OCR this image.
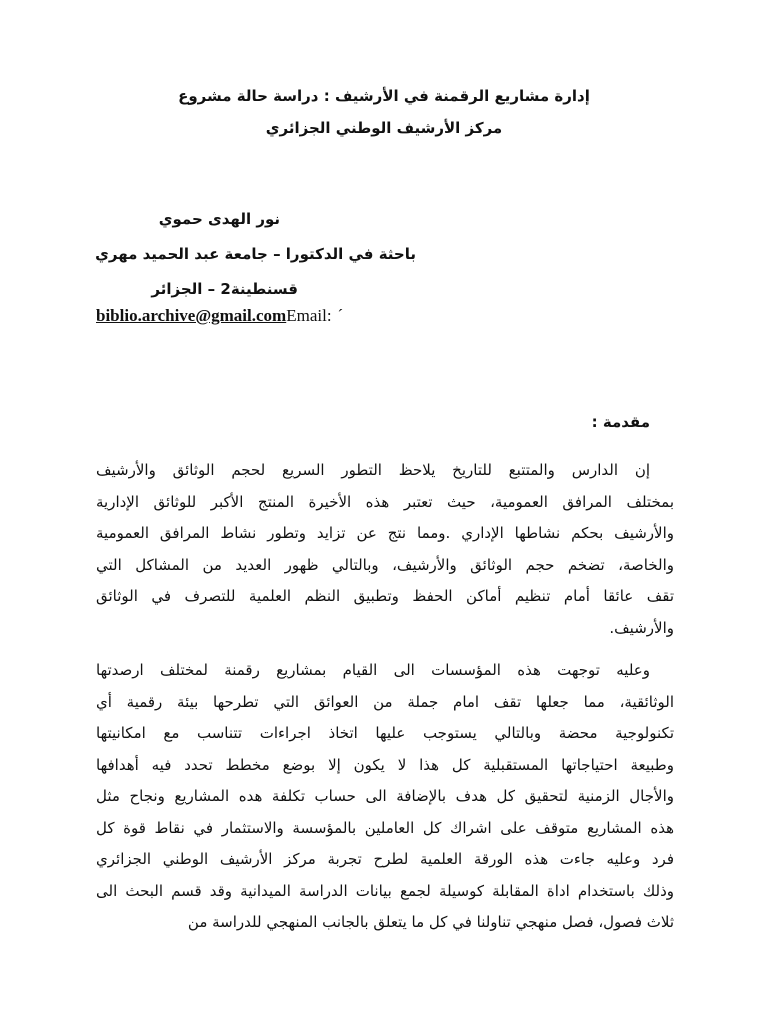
إدارة مشاريع الرقمنة في الأرشيف : دراسة حالة مشروع
مركز الأرشيف الوطني الجزائري
نور الهدى حموي
باحثة في الدكتورا – جامعة عبد الحميد مهري
قسنطينة2 – الجزائر
biblio.archive@gmail.comEmail: ˊ
مقدمة :
إن الدارس والمتتبع للتاريخ يلاحظ التطور السريع لحجم الوثائق والأرشيف
بمختلف المرافق العمومية، حيث تعتبر هذه الأخيرة المنتج الأكبر للوثائق الإدارية
والأرشيف بحكم نشاطها الإداري .ومما نتج عن تزايد وتطور نشاط المرافق العمومية
والخاصة، تضخم حجم الوثائق والأرشيف، وبالتالي ظهور العديد من المشاكل التي
تقف عائقا أمام تنظيم أماكن الحفظ وتطبيق النظم العلمية للتصرف في الوثائق
والأرشيف.
وعليه توجهت هذه المؤسسات الى القيام بمشاريع رقمنة لمختلف ارصدتها
الوثائقية، مما جعلها تقف امام جملة من العوائق التي تطرحها بيئة رقمية أي
تكنولوجية محضة وبالتالي يستوجب عليها اتخاذ اجراءات تتناسب مع امكانيتها
وطبيعة احتياجاتها المستقبلية كل هذا لا يكون إلا بوضع مخطط تحدد فيه أهدافها
والأجال الزمنية لتحقيق كل هدف بالإضافة الى حساب تكلفة هده المشاريع ونجاح مثل
هذه المشاريع متوقف على اشراك كل العاملين بالمؤسسة والاستثمار في نقاط قوة كل
فرد وعليه جاءت هذه الورقة العلمية لطرح تجربة مركز الأرشيف الوطني الجزائري
وذلك باستخدام اداة المقابلة كوسيلة لجمع بيانات الدراسة الميدانية وقد قسم البحث الى
ثلاث فصول، فصل منهجي تناولنا في كل ما يتعلق بالجانب المنهجي للدراسة من
